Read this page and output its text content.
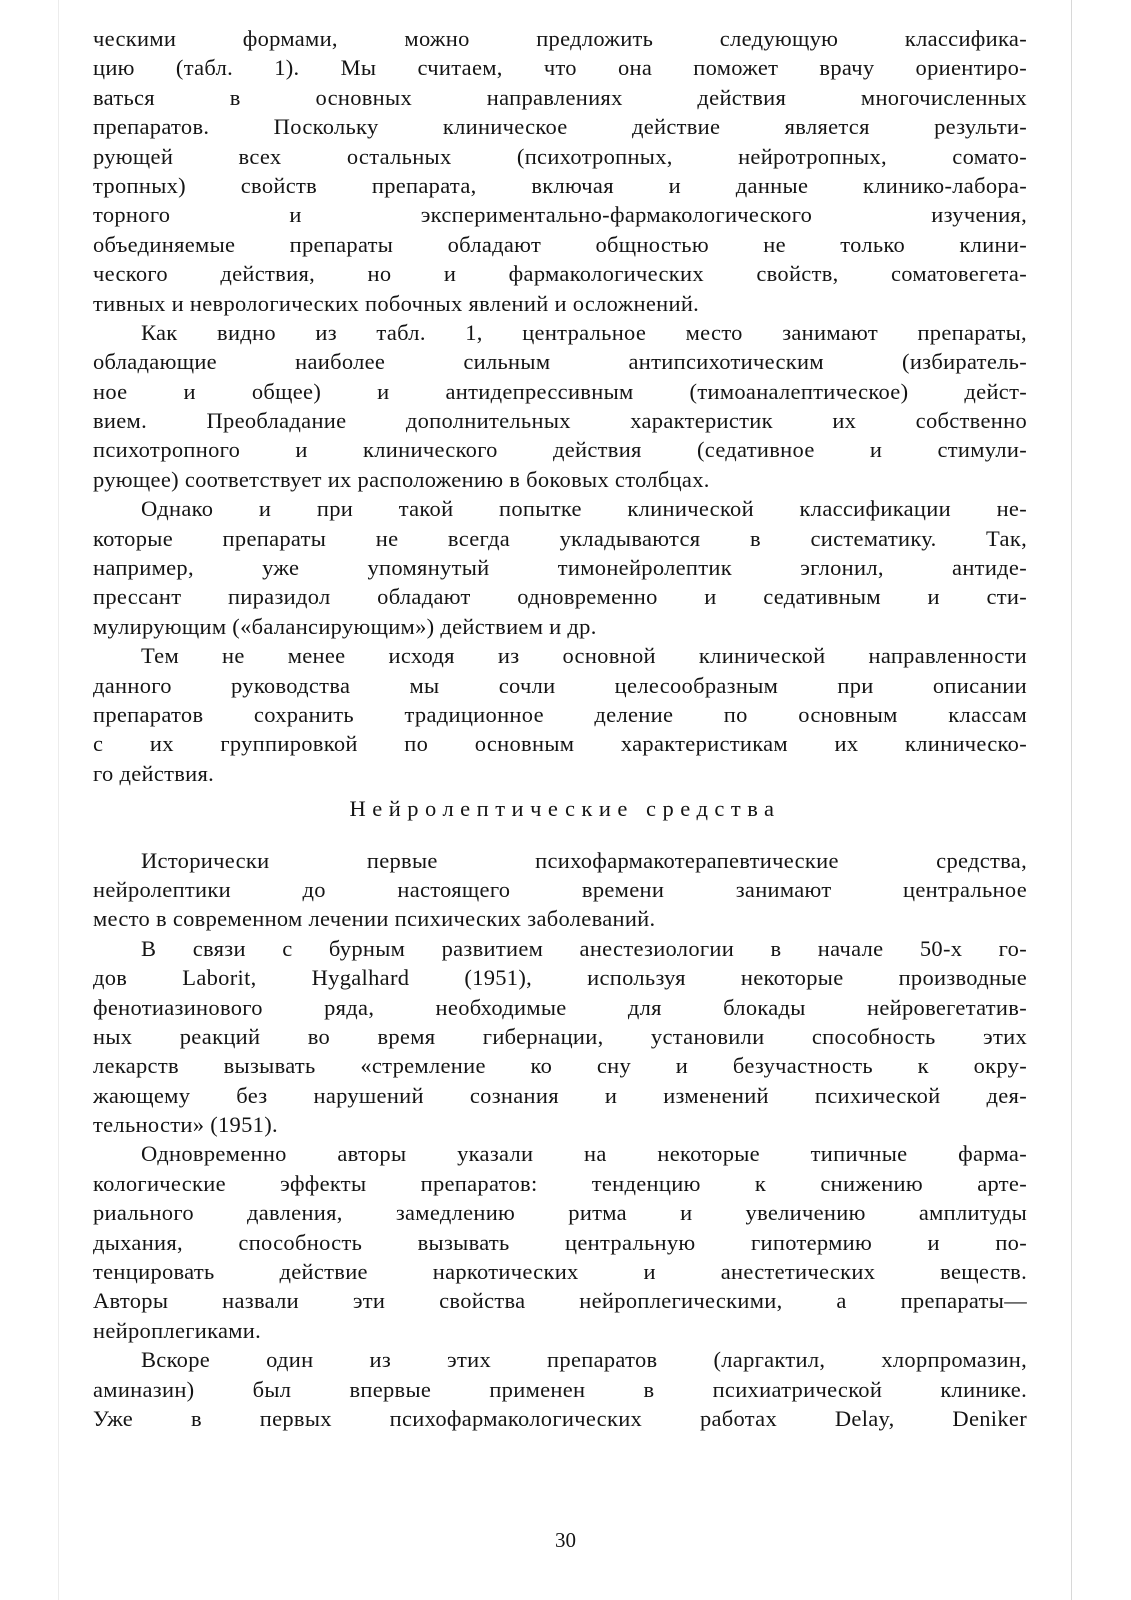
ческими формами, можно предложить следующую классифика-
цию (табл. 1). Мы считаем, что она поможет врачу ориентиро-
ваться в основных направлениях действия многочисленных
препаратов. Поскольку клиническое действие является результи-
рующей всех остальных (психотропных, нейротропных, сомато-
тропных) свойств препарата, включая и данные клинико-лабора-
торного и экспериментально-фармакологического изучения,
объединяемые препараты обладают общностью не только клини-
ческого действия, но и фармакологических свойств, соматовегета-
тивных и неврологических побочных явлений и осложнений.
Как видно из табл. 1, центральное место занимают препараты,
обладающие наиболее сильным антипсихотическим (избиратель-
ное и общее) и антидепрессивным (тимоаналептическое) дейст-
вием. Преобладание дополнительных характеристик их собственно
психотропного и клинического действия (седативное и стимули-
рующее) соответствует их расположению в боковых столбцах.
Однако и при такой попытке клинической классификации не-
которые препараты не всегда укладываются в систематику. Так,
например, уже упомянутый тимонейролептик эглонил, антиде-
прессант пиразидол обладают одновременно и седативным и сти-
мулирующим («балансирующим») действием и др.
Тем не менее исходя из основной клинической направленности
данного руководства мы сочли целесообразным при описании
препаратов сохранить традиционное деление по основным классам
с их группировкой по основным характеристикам их клиническо-
го действия.
Нейролептические средства
Исторически первые психофармакотерапевтические средства,
нейролептики до настоящего времени занимают центральное
место в современном лечении психических заболеваний.
В связи с бурным развитием анестезиологии в начале 50-х го-
дов Laborit, Hygalhard (1951), используя некоторые производные
фенотиазинового ряда, необходимые для блокады нейровегетатив-
ных реакций во время гибернации, установили способность этих
лекарств вызывать «стремление ко сну и безучастность к окру-
жающему без нарушений сознания и изменений психической дея-
тельности» (1951).
Одновременно авторы указали на некоторые типичные фарма-
кологические эффекты препаратов: тенденцию к снижению арте-
риального давления, замедлению ритма и увеличению амплитуды
дыхания, способность вызывать центральную гипотермию и по-
тенцировать действие наркотических и анестетических веществ.
Авторы назвали эти свойства нейроплегическими, а препараты—
нейроплегиками.
Вскоре один из этих препаратов (ларгактил, хлорпромазин,
аминазин) был впервые применен в психиатрической клинике.
Уже в первых психофармакологических работах Delay, Deniker
30
